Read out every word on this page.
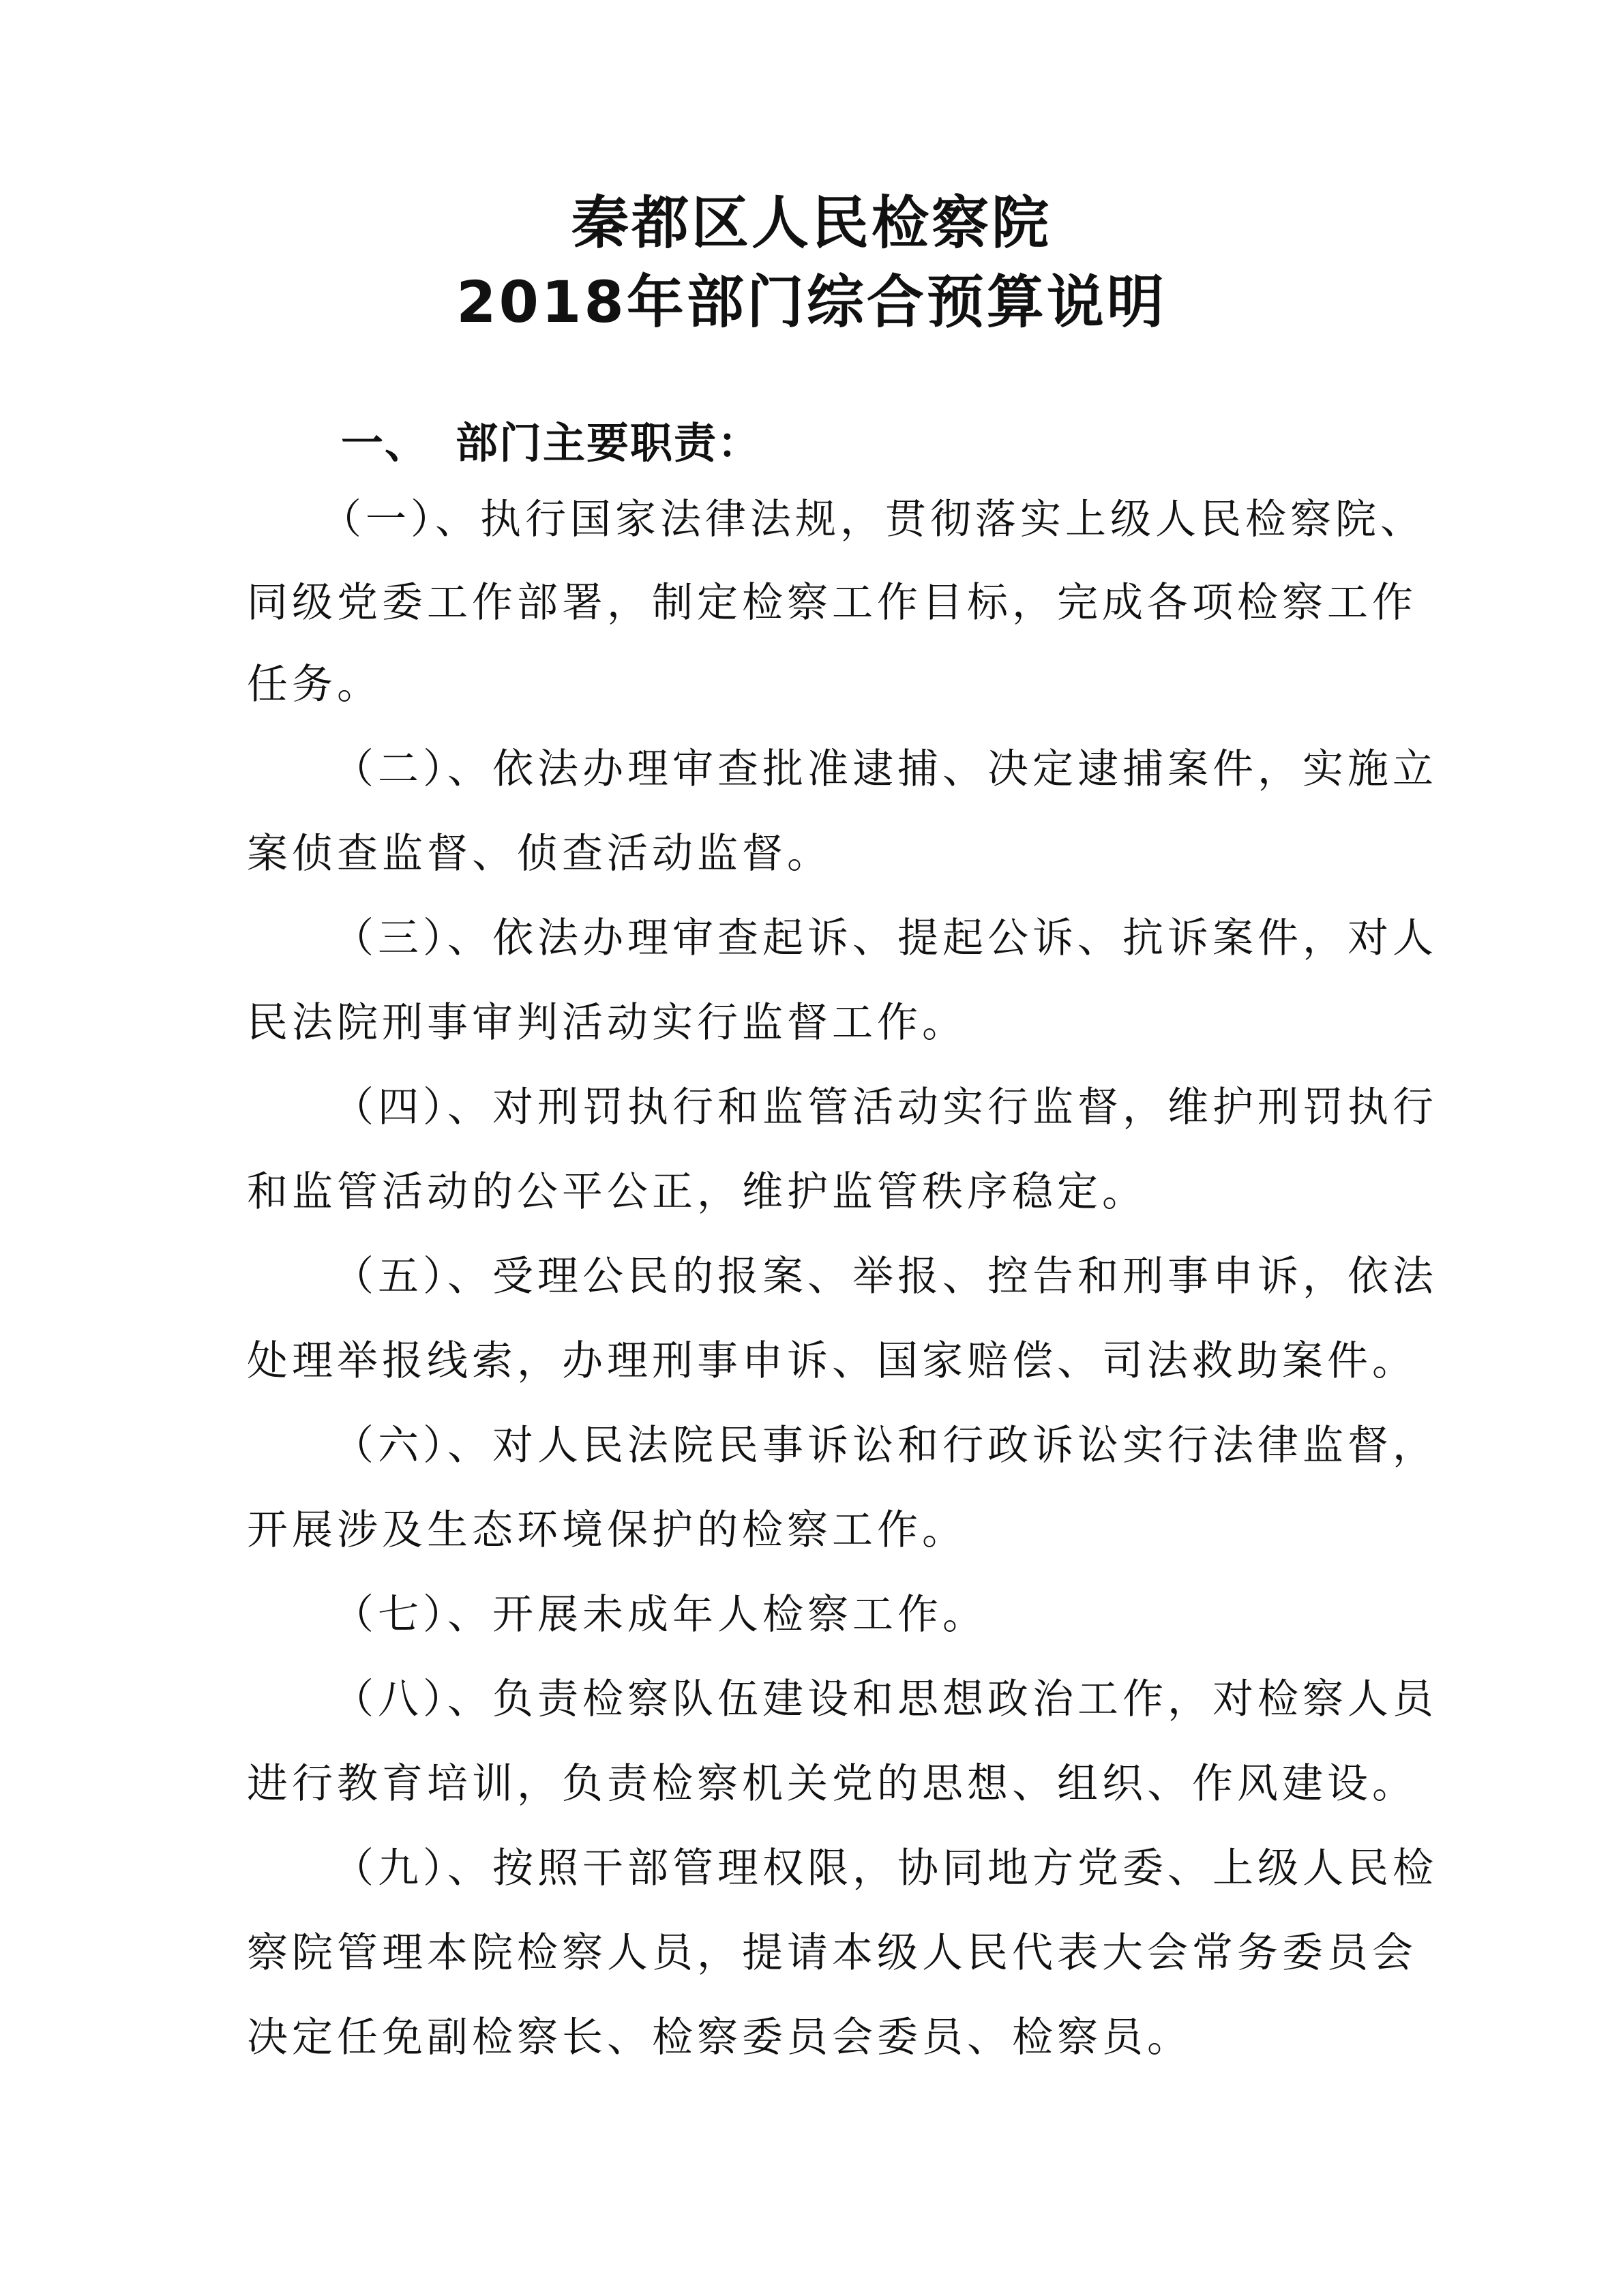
秦都区人民检察院
2018年部门综合预算说明
一、 部门主要职责：
（一）、执行国家法律法规，贯彻落实上级人民检察院、
同级党委工作部署，制定检察工作目标，完成各项检察工作
任务。
（二）、依法办理审查批准逮捕、决定逮捕案件，实施立
案侦查监督、侦查活动监督。
（三）、依法办理审查起诉、提起公诉、抗诉案件，对人
民法院刑事审判活动实行监督工作。
（四）、对刑罚执行和监管活动实行监督，维护刑罚执行
和监管活动的公平公正，维护监管秩序稳定。
（五）、受理公民的报案、举报、控告和刑事申诉，依法
处理举报线索，办理刑事申诉、国家赔偿、司法救助案件。
（六）、对人民法院民事诉讼和行政诉讼实行法律监督，
开展涉及生态环境保护的检察工作。
（七）、开展未成年人检察工作。
（八）、负责检察队伍建设和思想政治工作，对检察人员
进行教育培训，负责检察机关党的思想、组织、作风建设。
（九）、按照干部管理权限，协同地方党委、上级人民检
察院管理本院检察人员，提请本级人民代表大会常务委员会
决定任免副检察长、检察委员会委员、检察员。
